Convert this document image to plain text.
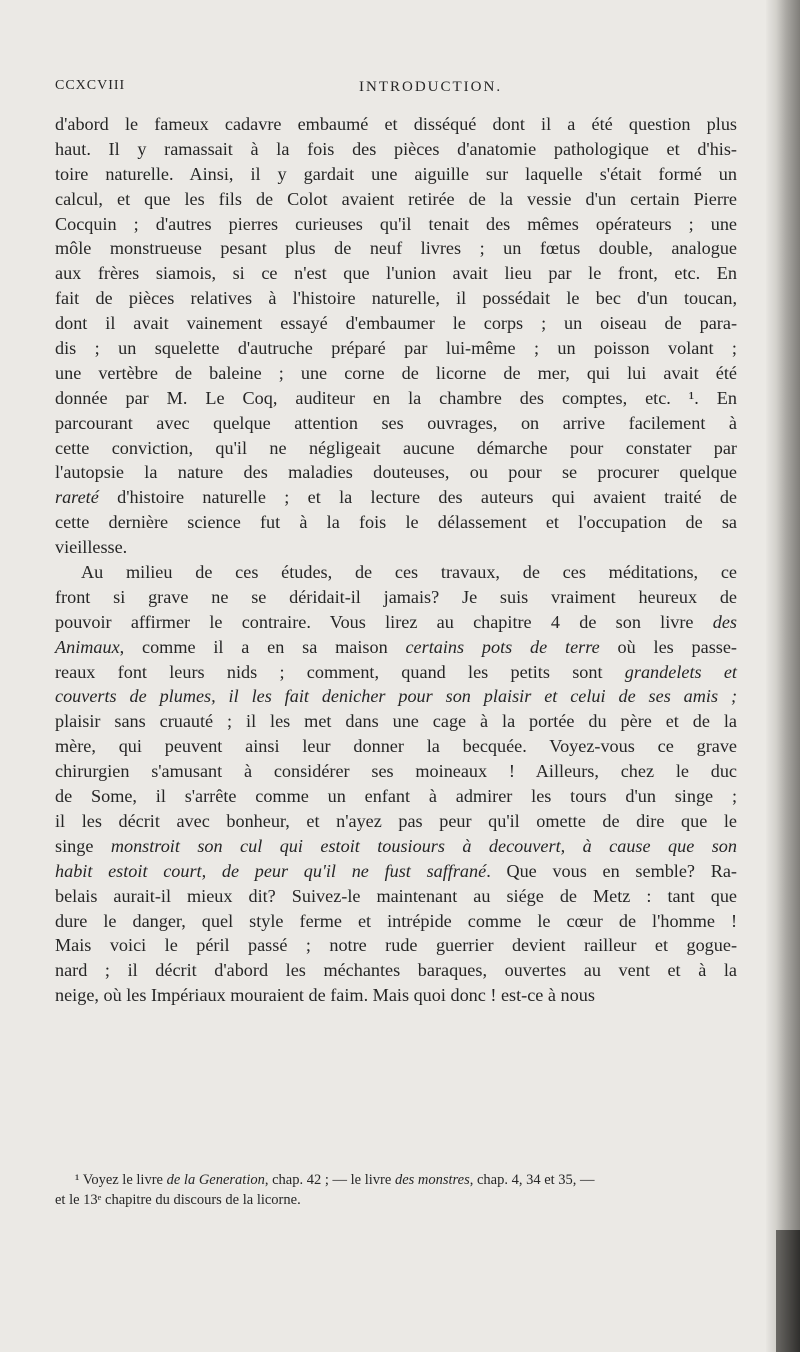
CCXCVIII	INTRODUCTION.
d'abord le fameux cadavre embaumé et disséqué dont il a été question plus
haut. Il y ramassait à la fois des pièces d'anatomie pathologique et d'his-
toire naturelle. Ainsi, il y gardait une aiguille sur laquelle s'était formé un
calcul, et que les fils de Colot avaient retirée de la vessie d'un certain Pierre
Cocquin ; d'autres pierres curieuses qu'il tenait des mêmes opérateurs ; une
môle monstrueuse pesant plus de neuf livres ; un fœtus double, analogue
aux frères siamois, si ce n'est que l'union avait lieu par le front, etc. En
fait de pièces relatives à l'histoire naturelle, il possédait le bec d'un toucan,
dont il avait vainement essayé d'embaumer le corps ; un oiseau de para-
dis ; un squelette d'autruche préparé par lui-même ; un poisson volant ;
une vertèbre de baleine ; une corne de licorne de mer, qui lui avait été
donnée par M. Le Coq, auditeur en la chambre des comptes, etc. ¹. En
parcourant avec quelque attention ses ouvrages, on arrive facilement à
cette conviction, qu'il ne négligeait aucune démarche pour constater par
l'autopsie la nature des maladies douteuses, ou pour se procurer quelque
rareté d'histoire naturelle ; et la lecture des auteurs qui avaient traité de
cette dernière science fut à la fois le délassement et l'occupation de sa
vieillesse.
Au milieu de ces études, de ces travaux, de ces méditations, ce
front si grave ne se déridait-il jamais? Je suis vraiment heureux de
pouvoir affirmer le contraire. Vous lirez au chapitre 4 de son livre des
Animaux, comme il a en sa maison certains pots de terre où les passe-
reaux font leurs nids ; comment, quand les petits sont grandelets et
couverts de plumes, il les fait denicher pour son plaisir et celui de ses amis ;
plaisir sans cruauté ; il les met dans une cage à la portée du père et de la
mère, qui peuvent ainsi leur donner la becquée. Voyez-vous ce grave
chirurgien s'amusant à considérer ses moineaux ! Ailleurs, chez le duc
de Some, il s'arrête comme un enfant à admirer les tours d'un singe ;
il les décrit avec bonheur, et n'ayez pas peur qu'il omette de dire que le
singe monstroit son cul qui estoit tousiours à decouvert, à cause que son
habit estoit court, de peur qu'il ne fust saffrané. Que vous en semble? Ra-
belais aurait-il mieux dit? Suivez-le maintenant au siége de Metz : tant que
dure le danger, quel style ferme et intrépide comme le cœur de l'homme !
Mais voici le péril passé ; notre rude guerrier devient railleur et gogue-
nard ; il décrit d'abord les méchantes baraques, ouvertes au vent et à la
neige, où les Impériaux mouraient de faim. Mais quoi donc ! est-ce à nous
¹ Voyez le livre de la Generation, chap. 42 ; — le livre des monstres, chap. 4, 34 et 35, —
et le 13ᵉ chapitre du discours de la licorne.
